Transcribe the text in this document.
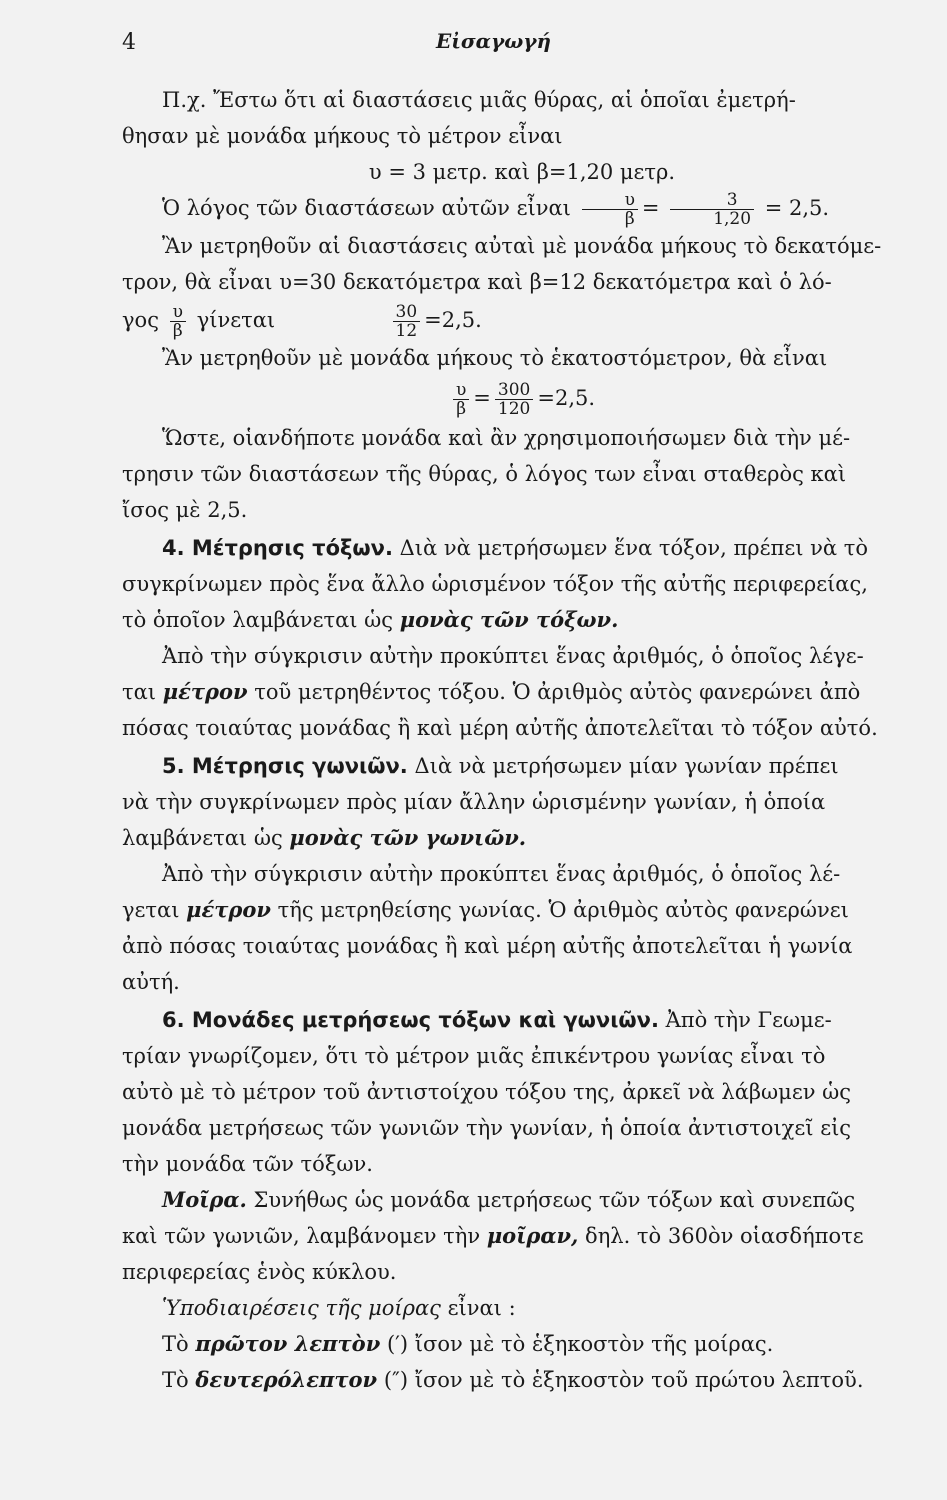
4	Εἰσαγωγή

Π.χ. Ἔστω ὅτι αἱ διαστάσεις μιᾶς θύρας, αἱ ὁποῖαι ἐμετρή-

θησαν μὲ μονάδα μήκους τὸ μέτρον εἶναι

υ = 3 μετρ. καὶ β=1,20 μετρ.

Ὁ λόγος τῶν διαστάσεων αὐτῶν εἶναι $\frac{\upsilon}{\beta} = \frac{3}{1,20} = 2,5$.

Ἂν μετρηθοῦν αἱ διαστάσεις αὐταὶ μὲ μονάδα μήκους τὸ δεκατόμε-

τρον, θὰ εἶναι υ=30 δεκατόμετρα καὶ β=12 δεκατόμετρα καὶ ὁ λό-

γος $\frac{\upsilon}{\beta}$ γίνεται	$\frac{30}{12} =2,5$.

Ἂν μετρηθοῦν μὲ μονάδα μήκους τὸ ἑκατοστόμετρον, θὰ εἶναι

$\frac{\upsilon}{\beta} = \frac{300}{120} =2,5$.

Ὥστε, οἱανδήποτε μονάδα καὶ ἂν χρησιμοποιήσωμεν διὰ τὴν μέ-

τρησιν τῶν διαστάσεων τῆς θύρας, ὁ λόγος των εἶναι σταθερὸς καὶ

ἴσος μὲ 2,5.

4. Μέτρησις τόξων. Διὰ νὰ μετρήσωμεν ἕνα τόξον, πρέπει νὰ τὸ

συγκρίνωμεν πρὸς ἕνα ἄλλο ὡρισμένον τόξον τῆς αὐτῆς περιφερείας,

τὸ ὁποῖον λαμβάνεται ὡς μονὰς τῶν τόξων.

Ἀπὸ τὴν σύγκρισιν αὐτὴν προκύπτει ἕνας ἀριθμός, ὁ ὁποῖος λέγε-

ται μέτρον τοῦ μετρηθέντος τόξου. Ὁ ἀριθμὸς αὐτὸς φανερώνει ἀπὸ

πόσας τοιαύτας μονάδας ἢ καὶ μέρη αὐτῆς ἀποτελεῖται τὸ τόξον αὐτό.

5. Μέτρησις γωνιῶν. Διὰ νὰ μετρήσωμεν μίαν γωνίαν πρέπει

νὰ τὴν συγκρίνωμεν πρὸς μίαν ἄλλην ὡρισμένην γωνίαν, ἡ ὁποία

λαμβάνεται ὡς μονὰς τῶν γωνιῶν.

Ἀπὸ τὴν σύγκρισιν αὐτὴν προκύπτει ἕνας ἀριθμός, ὁ ὁποῖος λέ-

γεται μέτρον τῆς μετρηθείσης γωνίας. Ὁ ἀριθμὸς αὐτὸς φανερώνει

ἀπὸ πόσας τοιαύτας μονάδας ἢ καὶ μέρη αὐτῆς ἀποτελεῖται ἡ γωνία

αὐτή.

6. Μονάδες μετρήσεως τόξων καὶ γωνιῶν. Ἀπὸ τὴν Γεωμε-

τρίαν γνωρίζομεν, ὅτι τὸ μέτρον μιᾶς ἐπικέντρου γωνίας εἶναι τὸ

αὐτὸ μὲ τὸ μέτρον τοῦ ἀντιστοίχου τόξου της, ἀρκεῖ νὰ λάβωμεν ὡς

μονάδα μετρήσεως τῶν γωνιῶν τὴν γωνίαν, ἡ ὁποία ἀντιστοιχεῖ εἰς

τὴν μονάδα τῶν τόξων.

Μοῖρα. Συνήθως ὡς μονάδα μετρήσεως τῶν τόξων καὶ συνεπῶς

καὶ τῶν γωνιῶν, λαμβάνομεν τὴν μοῖραν, δηλ. τὸ 360ὸν οἱασδήποτε

περιφερείας ἑνὸς κύκλου.

Ὑποδιαιρέσεις τῆς μοίρας εἶναι :

Τὸ πρῶτον λεπτὸν (′) ἴσον μὲ τὸ ἑξηκοστὸν τῆς μοίρας.

Τὸ δευτερόλεπτον (″) ἴσον μὲ τὸ ἑξηκοστὸν τοῦ πρώτου λεπτοῦ.
